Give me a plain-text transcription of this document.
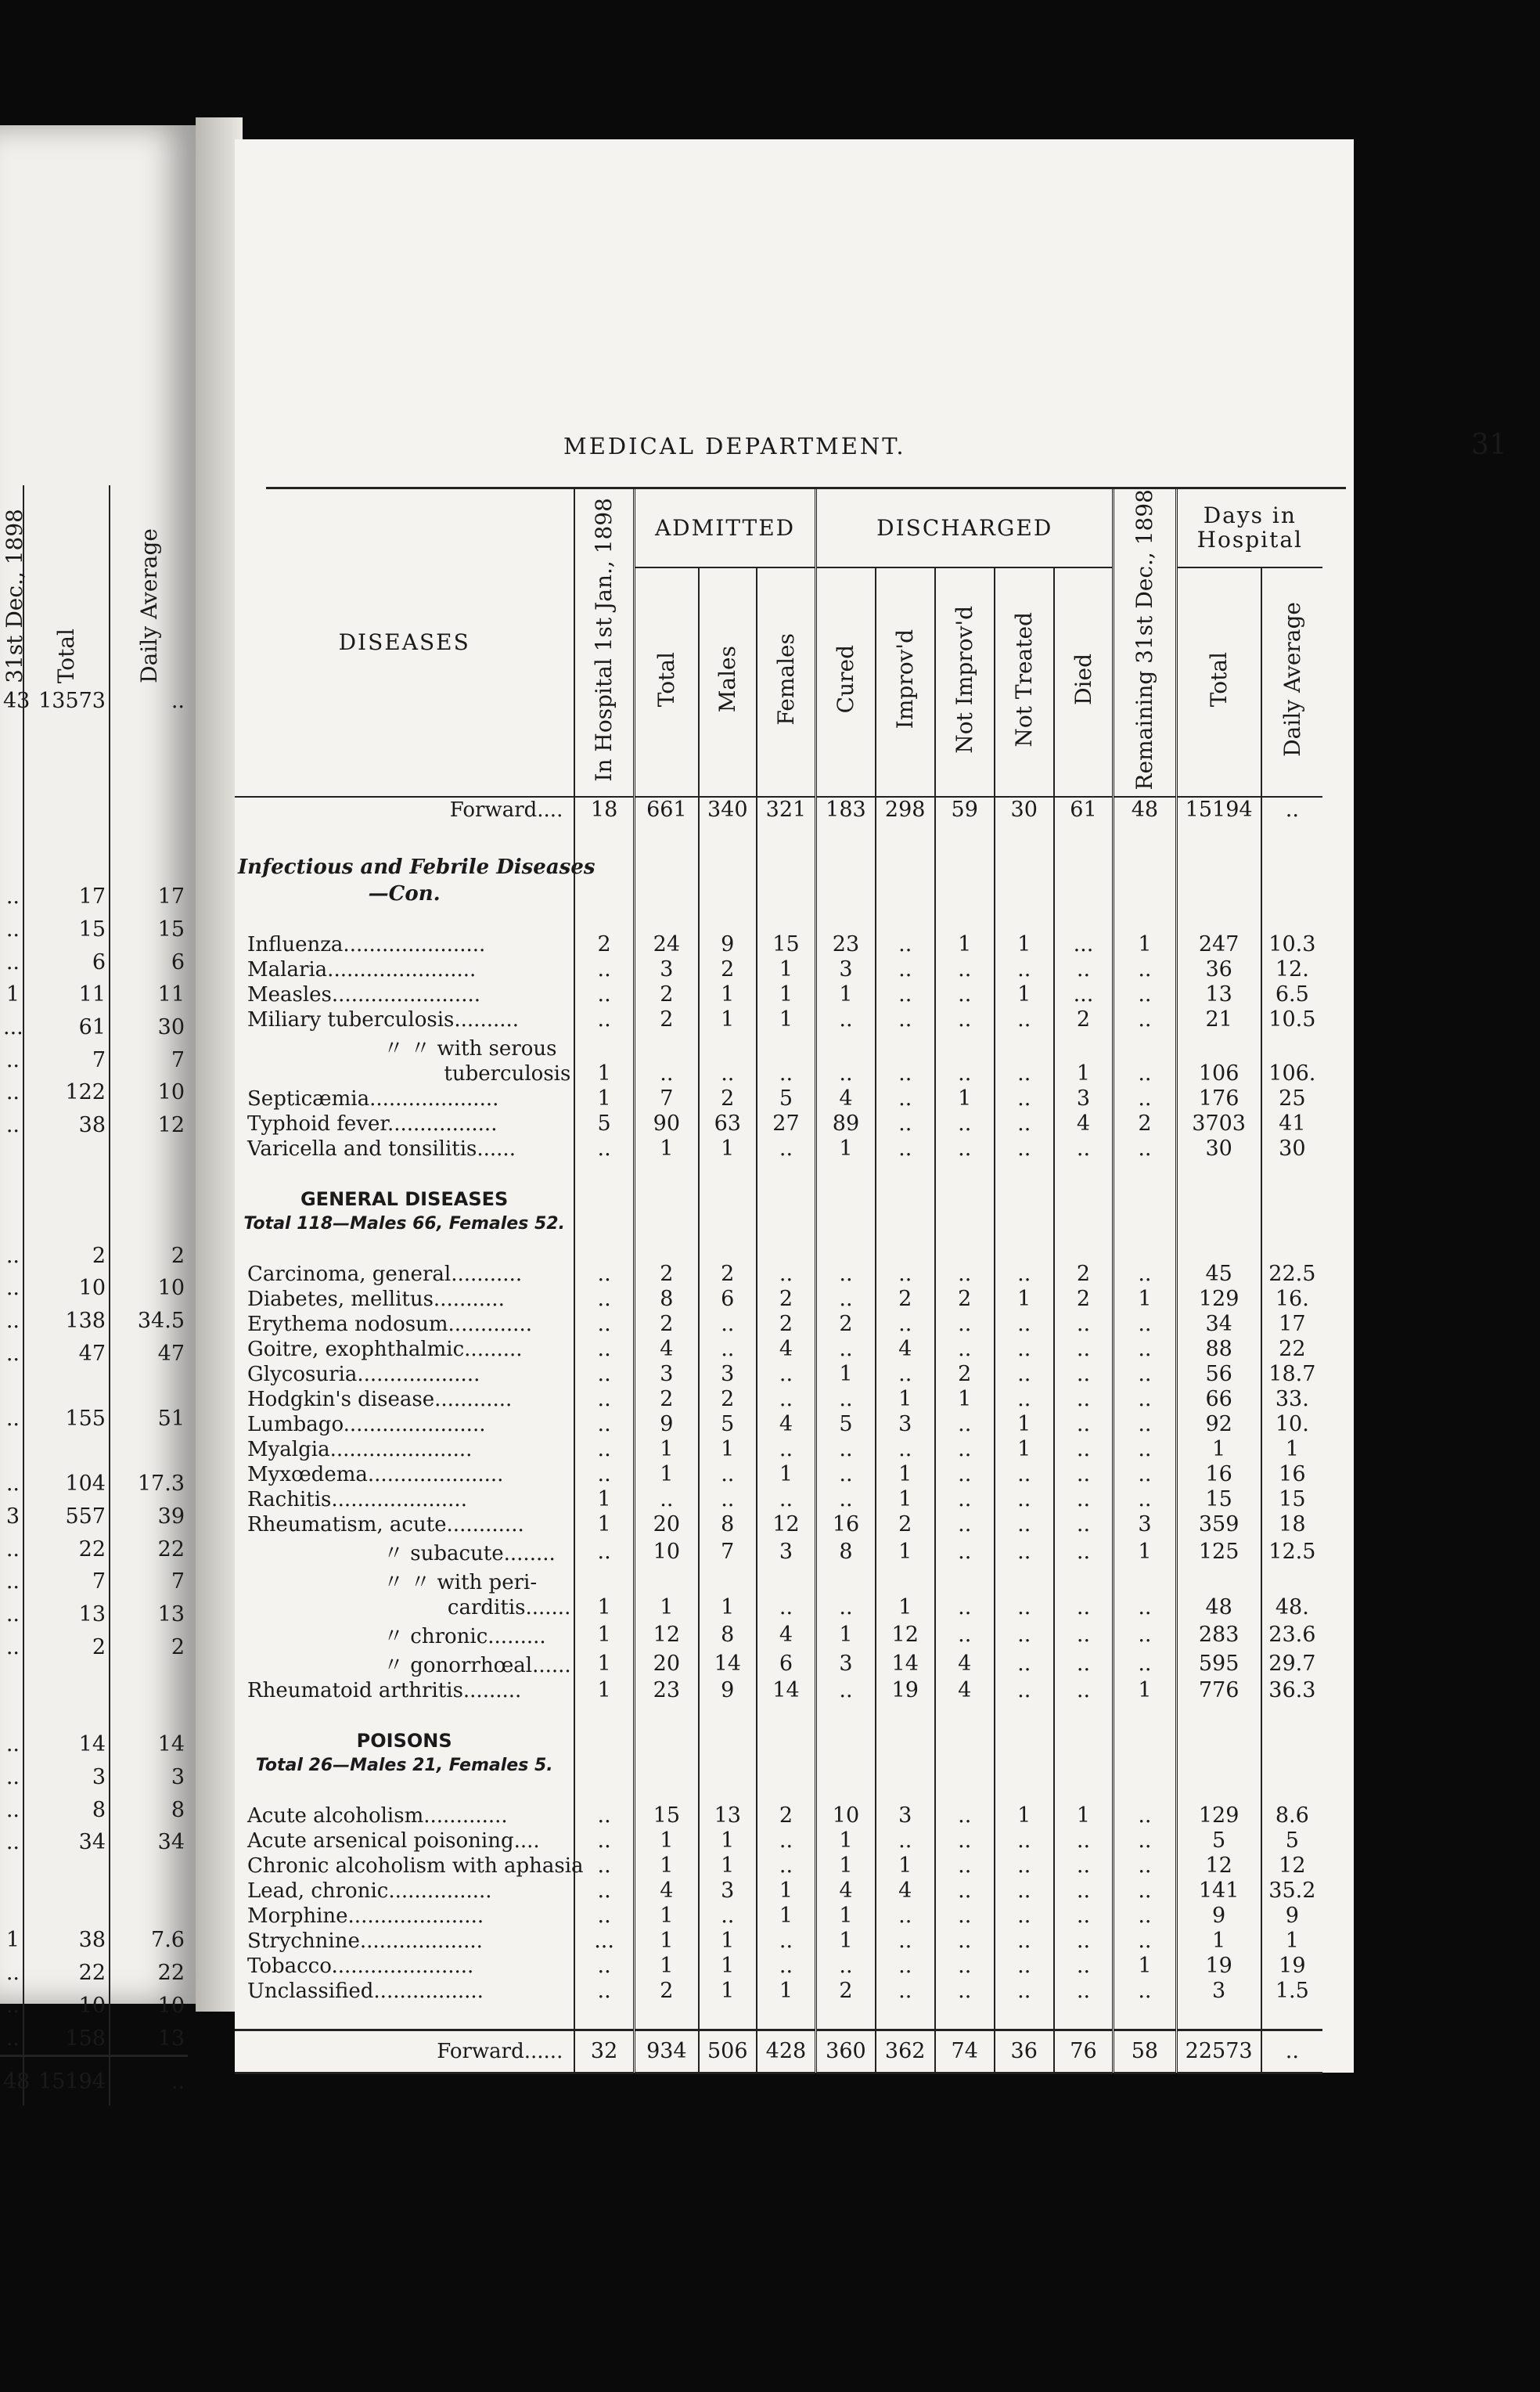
31st Dec., 1898	Total	Daily Average
43	13573	..

..	17	17
..	15	15
..	6	6
1	11	11
...	61	30
..	7	7
..	122	10
..	38	12

..	2	2
..	10	10
..	138	34.5
..	47	47

..	155	51

..	104	17.3
3	557	39
..	22	22
..	7	7
..	13	13
..	2	2

..	14	14
..	3	3
..	8	8
..	34	34

1	38	7.6
..	22	22
..	10	10
..	158	13
48	15194	..
MEDICAL DEPARTMENT.	31
DISEASES	In Hospital 1st Jan., 1898	ADMITTED			DISCHARGED					Remaining 31st Dec., 1898	Days in Hospital	
		Total	Males	Females	Cured	Improv'd	Not Improv'd	Not Treated	Died		Total	Daily Average
Forward....	18	661	340	321	183	298	59	30	61	48	15194	..

Infectious and Febrile Diseases												
—Con.												

Influenza......................	2	24	9	15	23	..	1	1	...	1	247	10.3
Malaria.......................	..	3	2	1	3	..	..	..	..	..	36	12.
Measles.......................	..	2	1	1	1	..	..	1	...	..	13	6.5
Miliary tuberculosis..........	..	2	1	1	..	..	..	..	2	..	21	10.5
〃 〃 with serous												
tuberculosis	1	..	..	..	..	..	..	..	1	..	106	106.
Septicæmia....................	1	7	2	5	4	..	1	..	3	..	176	25
Typhoid fever.................	5	90	63	27	89	..	..	..	4	2	3703	41
Varicella and tonsilitis......	..	1	1	..	1	..	..	..	..	..	30	30

GENERAL DISEASES												
Total 118—Males 66, Females 52.												

Carcinoma, general...........	..	2	2	..	..	..	..	..	2	..	45	22.5
Diabetes, mellitus...........	..	8	6	2	..	2	2	1	2	1	129	16.
Erythema nodosum.............	..	2	..	2	2	..	..	..	..	..	34	17
Goitre, exophthalmic.........	..	4	..	4	..	4	..	..	..	..	88	22
Glycosuria...................	..	3	3	..	1	..	2	..	..	..	56	18.7
Hodgkin's disease............	..	2	2	..	..	1	1	..	..	..	66	33.
Lumbago......................	..	9	5	4	5	3	..	1	..	..	92	10.
Myalgia......................	..	1	1	..	..	..	..	1	..	..	1	1
Myxœdema.....................	..	1	..	1	..	1	..	..	..	..	16	16
Rachitis.....................	1	..	..	..	..	1	..	..	..	..	15	15
Rheumatism, acute............	1	20	8	12	16	2	..	..	..	3	359	18
〃 subacute........	..	10	7	3	8	1	..	..	..	1	125	12.5
〃 〃 with peri-												
carditis.......	1	1	1	..	..	1	..	..	..	..	48	48.
〃 chronic.........	1	12	8	4	1	12	..	..	..	..	283	23.6
〃 gonorrhœal......	1	20	14	6	3	14	4	..	..	..	595	29.7
Rheumatoid arthritis.........	1	23	9	14	..	19	4	..	..	1	776	36.3

POISONS												
Total 26—Males 21, Females 5.												

Acute alcoholism.............	..	15	13	2	10	3	..	1	1	..	129	8.6
Acute arsenical poisoning....	..	1	1	..	1	..	..	..	..	..	5	5
Chronic alcoholism with aphasia	..	1	1	..	1	1	..	..	..	..	12	12
Lead, chronic................	..	4	3	1	4	4	..	..	..	..	141	35.2
Morphine.....................	..	1	..	1	1	..	..	..	..	..	9	9
Strychnine...................	...	1	1	..	1	..	..	..	..	..	1	1
Tobacco......................	..	1	1	..	..	..	..	..	..	1	19	19
Unclassified.................	..	2	1	1	2	..	..	..	..	..	3	1.5

Forward......	32	934	506	428	360	362	74	36	76	58	22573	..
